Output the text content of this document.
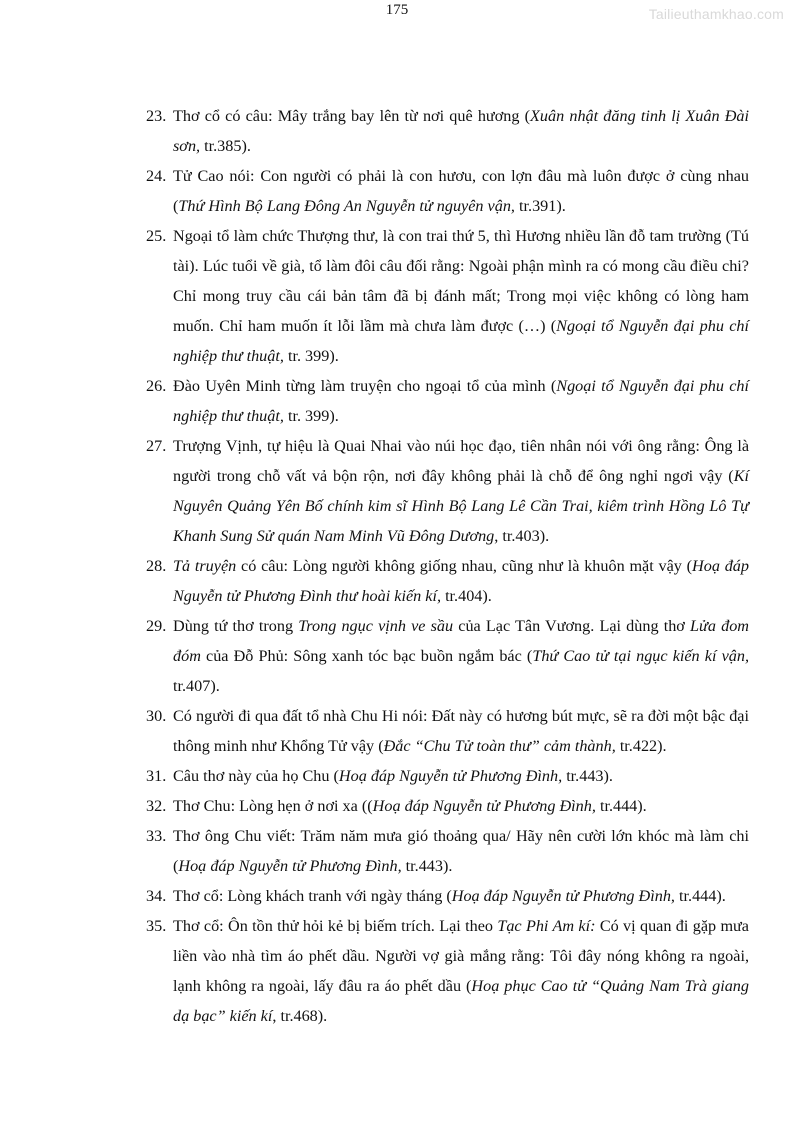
175	Tailieuthamkhao.com
23. Thơ cổ có câu: Mây trắng bay lên từ nơi quê hương (Xuân nhật đăng tinh lị Xuân Đài sơn, tr.385).
24. Tử Cao nói: Con người có phải là con hươu, con lợn đâu mà luôn được ở cùng nhau (Thứ Hình Bộ Lang Đông An Nguyễn tử nguyên vận, tr.391).
25. Ngoại tổ làm chức Thượng thư, là con trai thứ 5, thì Hương nhiều lần đỗ tam trường (Tú tài). Lúc tuổi về già, tổ làm đôi câu đối rằng: Ngoài phận mình ra có mong cầu điều chi? Chỉ mong truy cầu cái bản tâm đã bị đánh mất; Trong mọi việc không có lòng ham muốn. Chỉ ham muốn ít lỗi lầm mà chưa làm được (…) (Ngoại tổ Nguyễn đại phu chí nghiệp thư thuật, tr. 399).
26. Đào Uyên Minh từng làm truyện cho ngoại tổ của mình (Ngoại tổ Nguyễn đại phu chí nghiệp thư thuật, tr. 399).
27. Trượng Vịnh, tự hiệu là Quai Nhai vào núi học đạo, tiên nhân nói với ông rằng: Ông là người trong chỗ vất vả bộn rộn, nơi đây không phải là chỗ để ông nghỉ ngơi vậy (Kí Nguyên Quảng Yên Bố chính kim sĩ Hình Bộ Lang Lê Cần Trai, kiêm trình Hồng Lô Tự Khanh Sung Sử quán Nam Minh Vũ Đông Dương, tr.403).
28. Tả truyện có câu: Lòng người không giống nhau, cũng như là khuôn mặt vậy (Hoạ đáp Nguyễn tử Phương Đình thư hoài kiến kí, tr.404).
29. Dùng tứ thơ trong Trong ngục vịnh ve sầu của Lạc Tân Vương. Lại dùng thơ Lửa đom đóm của Đỗ Phủ: Sông xanh tóc bạc buồn ngắm bác (Thứ Cao tử tại ngục kiến kí vận, tr.407).
30. Có người đi qua đất tổ nhà Chu Hi nói: Đất này có hương bút mực, sẽ ra đời một bậc đại thông minh như Khổng Tử vậy (Đắc “Chu Tử toàn thư” cảm thành, tr.422).
31. Câu thơ này của họ Chu (Hoạ đáp Nguyễn tử Phương Đình, tr.443).
32. Thơ Chu: Lòng hẹn ở nơi xa ((Hoạ đáp Nguyễn tử Phương Đình, tr.444).
33. Thơ ông Chu viết: Trăm năm mưa gió thoảng qua/ Hãy nên cười lớn khóc mà làm chi (Hoạ đáp Nguyễn tử Phương Đình, tr.443).
34. Thơ cổ: Lòng khách tranh với ngày tháng (Hoạ đáp Nguyễn tử Phương Đình, tr.444).
35. Thơ cổ: Ôn tồn thử hỏi kẻ bị biếm trích. Lại theo Tạc Phi Am kí: Có vị quan đi gặp mưa liền vào nhà tìm áo phết dầu. Người vợ già mắng rằng: Tôi đây nóng không ra ngoài, lạnh không ra ngoài, lấy đâu ra áo phết dầu (Hoạ phục Cao tử “Quảng Nam Trà giang dạ bạc” kiến kí, tr.468).
